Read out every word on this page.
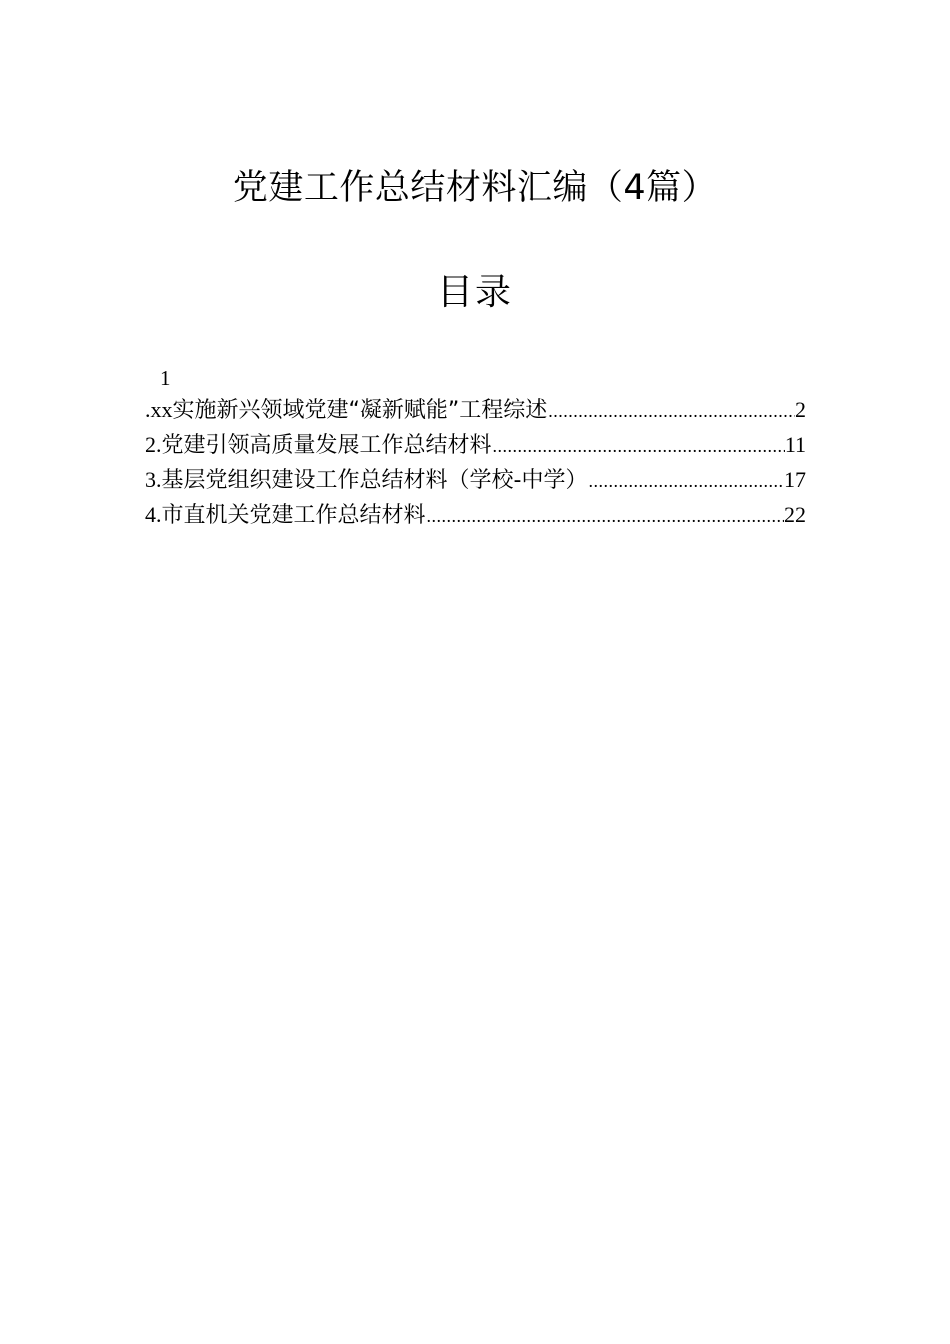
党建工作总结材料汇编（4篇）
目录
1
.xx 实施新兴领域党建“凝新赋能”工程综述 .....	2
2. 党建引领高质量发展工作总结材料 .....	11
3. 基层党组织建设工作总结材料（学校-中学） .....	17
4. 市直机关党建工作总结材料 .....	22
